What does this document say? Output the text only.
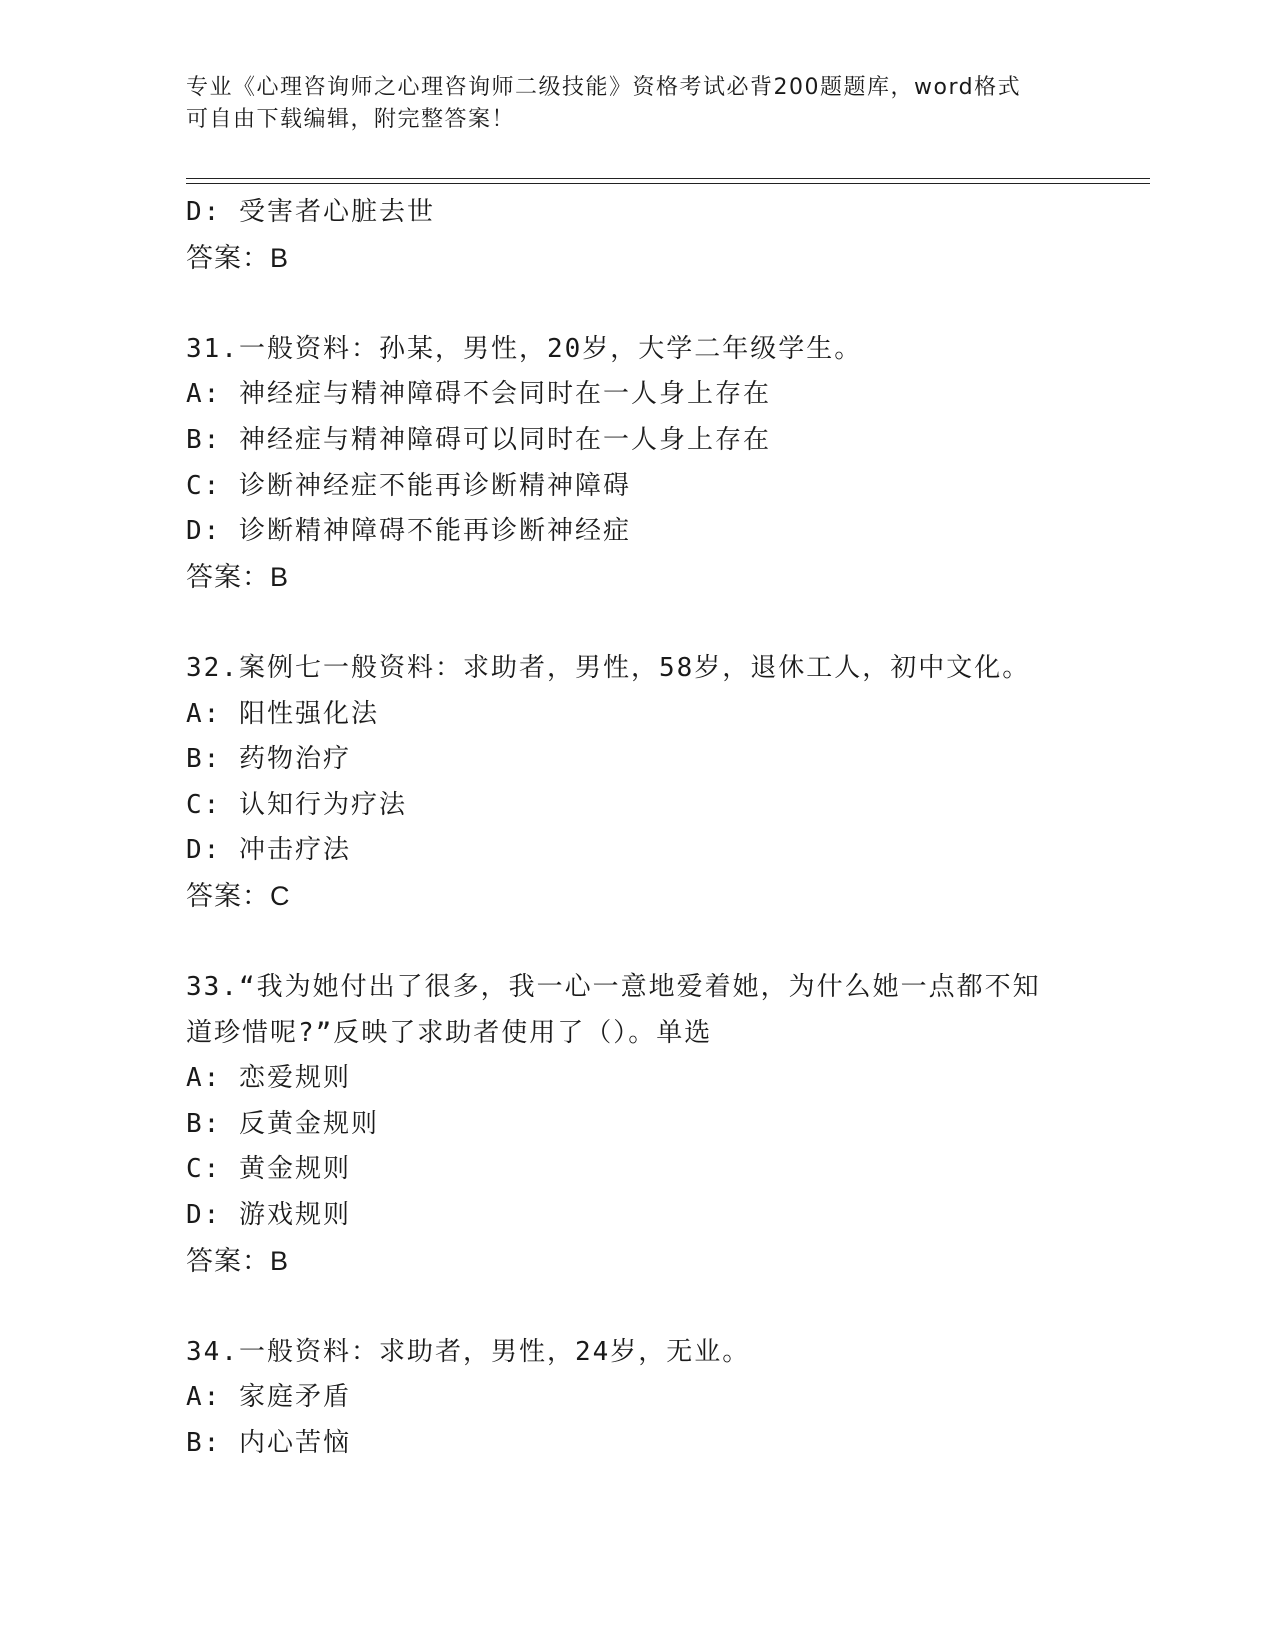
专业《心理咨询师之心理咨询师二级技能》资格考试必背200题题库，word格式
可自由下载编辑，附完整答案！
D: 受害者心脏去世
答案：B
31.一般资料：孙某，男性，20岁，大学二年级学生。
A: 神经症与精神障碍不会同时在一人身上存在
B: 神经症与精神障碍可以同时在一人身上存在
C: 诊断神经症不能再诊断精神障碍
D: 诊断精神障碍不能再诊断神经症
答案：B
32.案例七一般资料：求助者，男性，58岁，退休工人，初中文化。
A: 阳性强化法
B: 药物治疗
C: 认知行为疗法
D: 冲击疗法
答案：C
33.“我为她付出了很多，我一心一意地爱着她，为什么她一点都不知
道珍惜呢?”反映了求助者使用了（）。单选
A: 恋爱规则
B: 反黄金规则
C: 黄金规则
D: 游戏规则
答案：B
34.一般资料：求助者，男性，24岁，无业。
A: 家庭矛盾
B: 内心苦恼
